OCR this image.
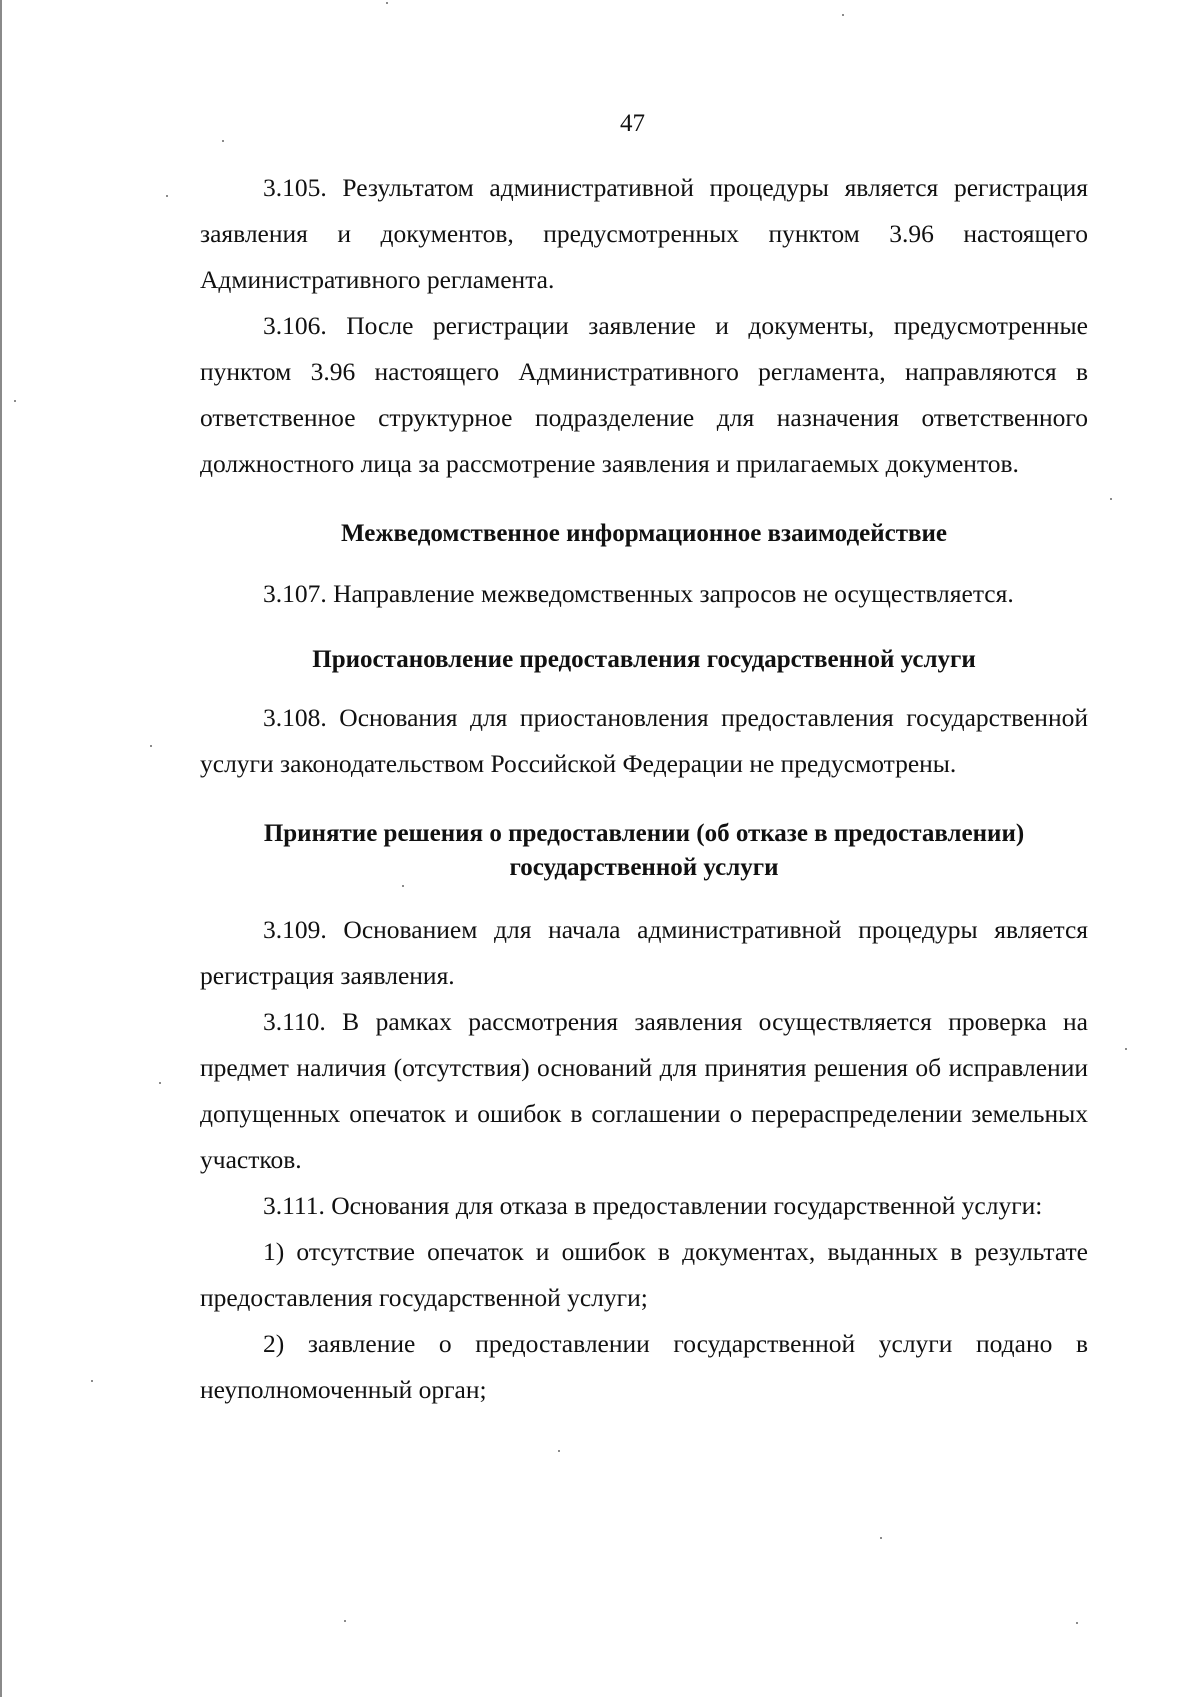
47

3.105. Результатом административной процедуры является регистрация заявления и документов, предусмотренных пунктом 3.96 настоящего Административного регламента.

3.106. После регистрации заявление и документы, предусмотренные пунктом 3.96 настоящего Административного регламента, направляются в ответственное структурное подразделение для назначения ответственного должностного лица за рассмотрение заявления и прилагаемых документов.

Межведомственное информационное взаимодействие

3.107. Направление межведомственных запросов не осуществляется.

Приостановление предоставления государственной услуги

3.108. Основания для приостановления предоставления государственной услуги законодательством Российской Федерации не предусмотрены.

Принятие решения о предоставлении (об отказе в предоставлении)
государственной услуги

3.109. Основанием для начала административной процедуры является регистрация заявления.

3.110. В рамках рассмотрения заявления осуществляется проверка на предмет наличия (отсутствия) оснований для принятия решения об исправлении допущенных опечаток и ошибок в соглашении о перераспределении земельных участков.

3.111. Основания для отказа в предоставлении государственной услуги:

1) отсутствие опечаток и ошибок в документах, выданных в результате предоставления государственной услуги;

2) заявление о предоставлении государственной услуги подано в неуполномоченный орган;
